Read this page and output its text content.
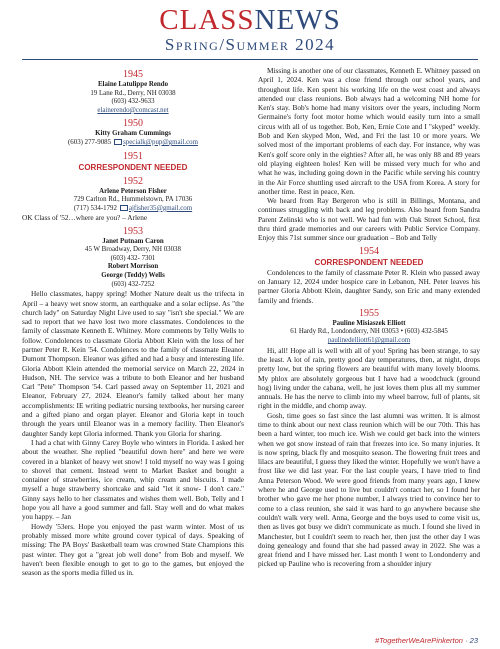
CLASSNEWS
Spring/Summer 2024
1945
Elaine Latulippe Rendo
19 Lane Rd., Derry, NH 03038
(603) 432-9633
elainerendo@comcast.net
1950
Kitty Graham Cummings
(603) 277-9085 specialk@pup@gmail.com
1951
CORRESPONDENT NEEDED
1952
Arlene Peterson Fisher
729 Carlton Rd., Hummelstown, PA 17036
(717) 534-1792 ajfisher35@gmail.com

OK Class of '52…where are you? – Arlene

1953
Janet Putnam Caron
45 W Broadway, Derry, NH 03038
(603) 432- 7301
Robert Morrison
George (Teddy) Wells
(603) 432-7252

Hello classmates, happy spring! Mother Nature dealt us the trifecta in April – a heavy wet snow storm, an earthquake and a solar eclipse. As "the church lady" on Saturday Night Live used to say "isn't she special." We are sad to report that we have lost two more classmates. Condolences to the family of classmate Kenneth E. Whitney. More comments by Telly Wells to follow. Condolences to classmate Gloria Abbott Klein with the loss of her partner Peter R. Kein '54. Condolences to the family of classmate Eleanor Dumont Thompson. Eleanor was gifted and had a busy and interesting life. Gloria Abbott Klein attended the memorial service on March 22, 2024 in Hudson, NH. The service was a tribute to both Eleanor and her husband Carl "Pete" Thompson '54. Carl passed away on September 11, 2021 and Eleanor, February 27, 2024. Eleanor's family talked about her many accomplishments: IE writing pediatric nursing textbooks, her nursing career and a gifted piano and organ player. Eleanor and Gloria kept in touch through the years until Eleanor was in a memory facility. Then Eleanor's daughter Sandy kept Gloria informed. Thank you Gloria for sharing.

I had a chat with Ginny Carey Boyle who winters in Florida. I asked her about the weather. She replied "beautiful down here" and here we were covered in a blanket of heavy wet snow! I told myself no way was I going to shovel that cement. Instead went to Market Basket and bought a container of strawberries, ice cream, whip cream and biscuits. I made myself a huge strawberry shortcake and said "let it snow- I don't care." Ginny says hello to her classmates and wishes them well. Bob, Telly and I hope you all have a good summer and fall. Stay well and do what makes you happy. – Jan

Howdy '53ers. Hope you enjoyed the past warm winter. Most of us probably missed more white ground cover typical of days. Speaking of missing: The PA Boys' Basketball team was crowned State Champions this past winter. They got a "great job well done" from Bob and myself. We haven't been flexible enough to get to go to the games, but enjoyed the season as the sports media filled us in.

Missing is another one of our classmates, Kenneth E. Whitney passed on April 1, 2024. Ken was a close friend through our school years, and throughout life. Ken spent his working life on the west coast and always attended our class reunions. Bob always had a welcoming NH home for Ken's stay. Bob's home had many visitors over the years, including Norm Germaine's forty foot motor home which would easily turn into a small circus with all of us together. Bob, Ken, Ernie Cote and I "skyped" weekly. Bob and Ken skyped Mon, Wed, and Fri the last 10 or more years. We solved most of the important problems of each day. For instance, why was Ken's golf score only in the eighties? After all, he was only 88 and 89 years old playing eighteen holes! Ken will be missed very much for who and what he was, including going down in the Pacific while serving his country in the Air Force shuttling used aircraft to the USA from Korea. A story for another time. Rest in peace, Ken.

We heard from Ray Bergeron who is still in Billings, Montana, and continues struggling with back and leg problems. Also heard from Sandra Parent Zelinski who is not well. We had fun with Oak Street School, first thru third grade memories and our careers with Public Service Company. Enjoy this 71st summer since our graduation – Bob and Telly

1954
CORRESPONDENT NEEDED

Condolences to the family of classmate Peter R. Klein who passed away on January 12, 2024 under hospice care in Lebanon, NH. Peter leaves his partner Gloria Abbott Klein, daughter Sandy, son Eric and many extended family and friends.

1955
Pauline Misiaszek Elliott
61 Hardy Rd., Londonderry, NH 03053 • (603) 432-5845
paulinedelliott61@gmail.com

Hi, all! Hope all is well with all of you! Spring has been strange, to say the least. A lot of rain, pretty good day temperatures, then, at night, drops pretty low, but the spring flowers are beautiful with many lovely blooms. My phlox are absolutely gorgeous but I have had a woodchuck (ground hog) living under the cabana, well, he just loves them plus all my summer annuals. He has the nerve to climb into my wheel barrow, full of plants, sit right in the middle, and chomp away.

Gosh, time goes so fast since the last alumni was written. It is almost time to think about our next class reunion which will be our 70th. This has been a hard winter, too much ice. Wish we could get back into the winters when we got snow instead of rain that freezes into ice. So many injuries. It is now spring, black fly and mosquito season. The flowering fruit trees and lilacs are beautiful, I guess they liked the winter. Hopefully we won't have a frost like we did last year. For the last couple years, I have tried to find Anna Peterson Wood. We were good friends from many years ago, I knew where he and George used to live but couldn't contact her, so I found her brother who gave me her phone number, I always tried to convince her to come to a class reunion, she said it was hard to go anywhere because she couldn't walk very well. Anna, George and the boys used to come visit us, then as lives got busy we didn't communicate as much. I found she lived in Manchester, but I couldn't seem to reach her, then just the other day I was doing genealogy and found that she had passed away in 2022. She was a great friend and I have missed her. Last month I went to Londonderry and picked up Pauline who is recovering from a shoulder injury

#TogetherWeArePinkerton · 23
